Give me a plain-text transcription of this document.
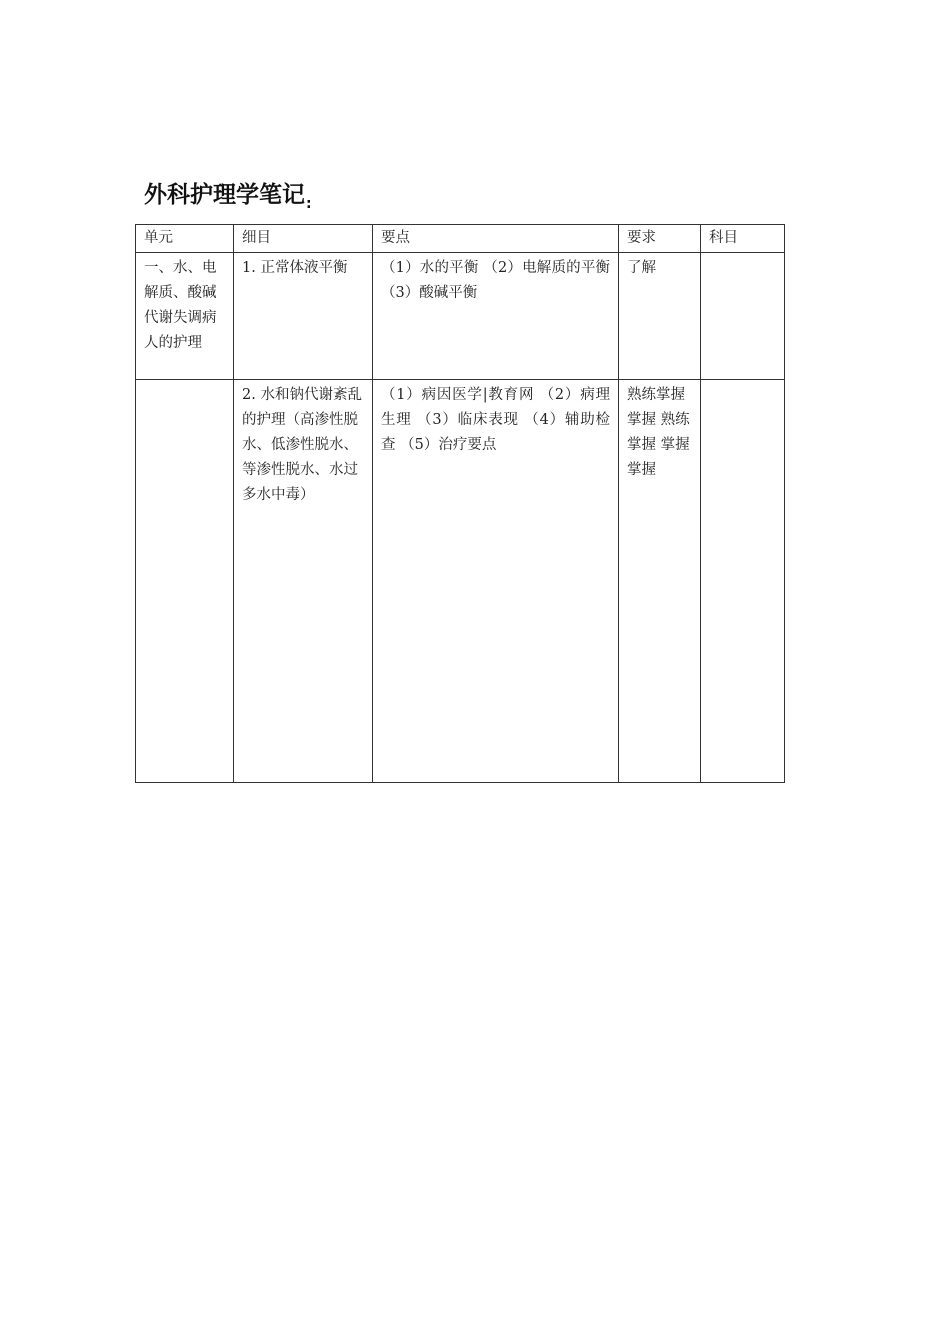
外科护理学笔记:
单元	细目	要点	要求	科目
一、水、电解质、酸碱代谢失调病人的护理	1. 正常体液平衡	（1）水的平衡 （2）电解质的平衡 （3）酸碱平衡	了解	
	2. 水和钠代谢紊乱的护理（高渗性脱水、低渗性脱水、等渗性脱水、水过多水中毒）	（1）病因医学|教育网 （2）病理生理 （3）临床表现 （4）辅助检查 （5）治疗要点	熟练掌握 掌握 熟练掌握 掌握 掌握	
